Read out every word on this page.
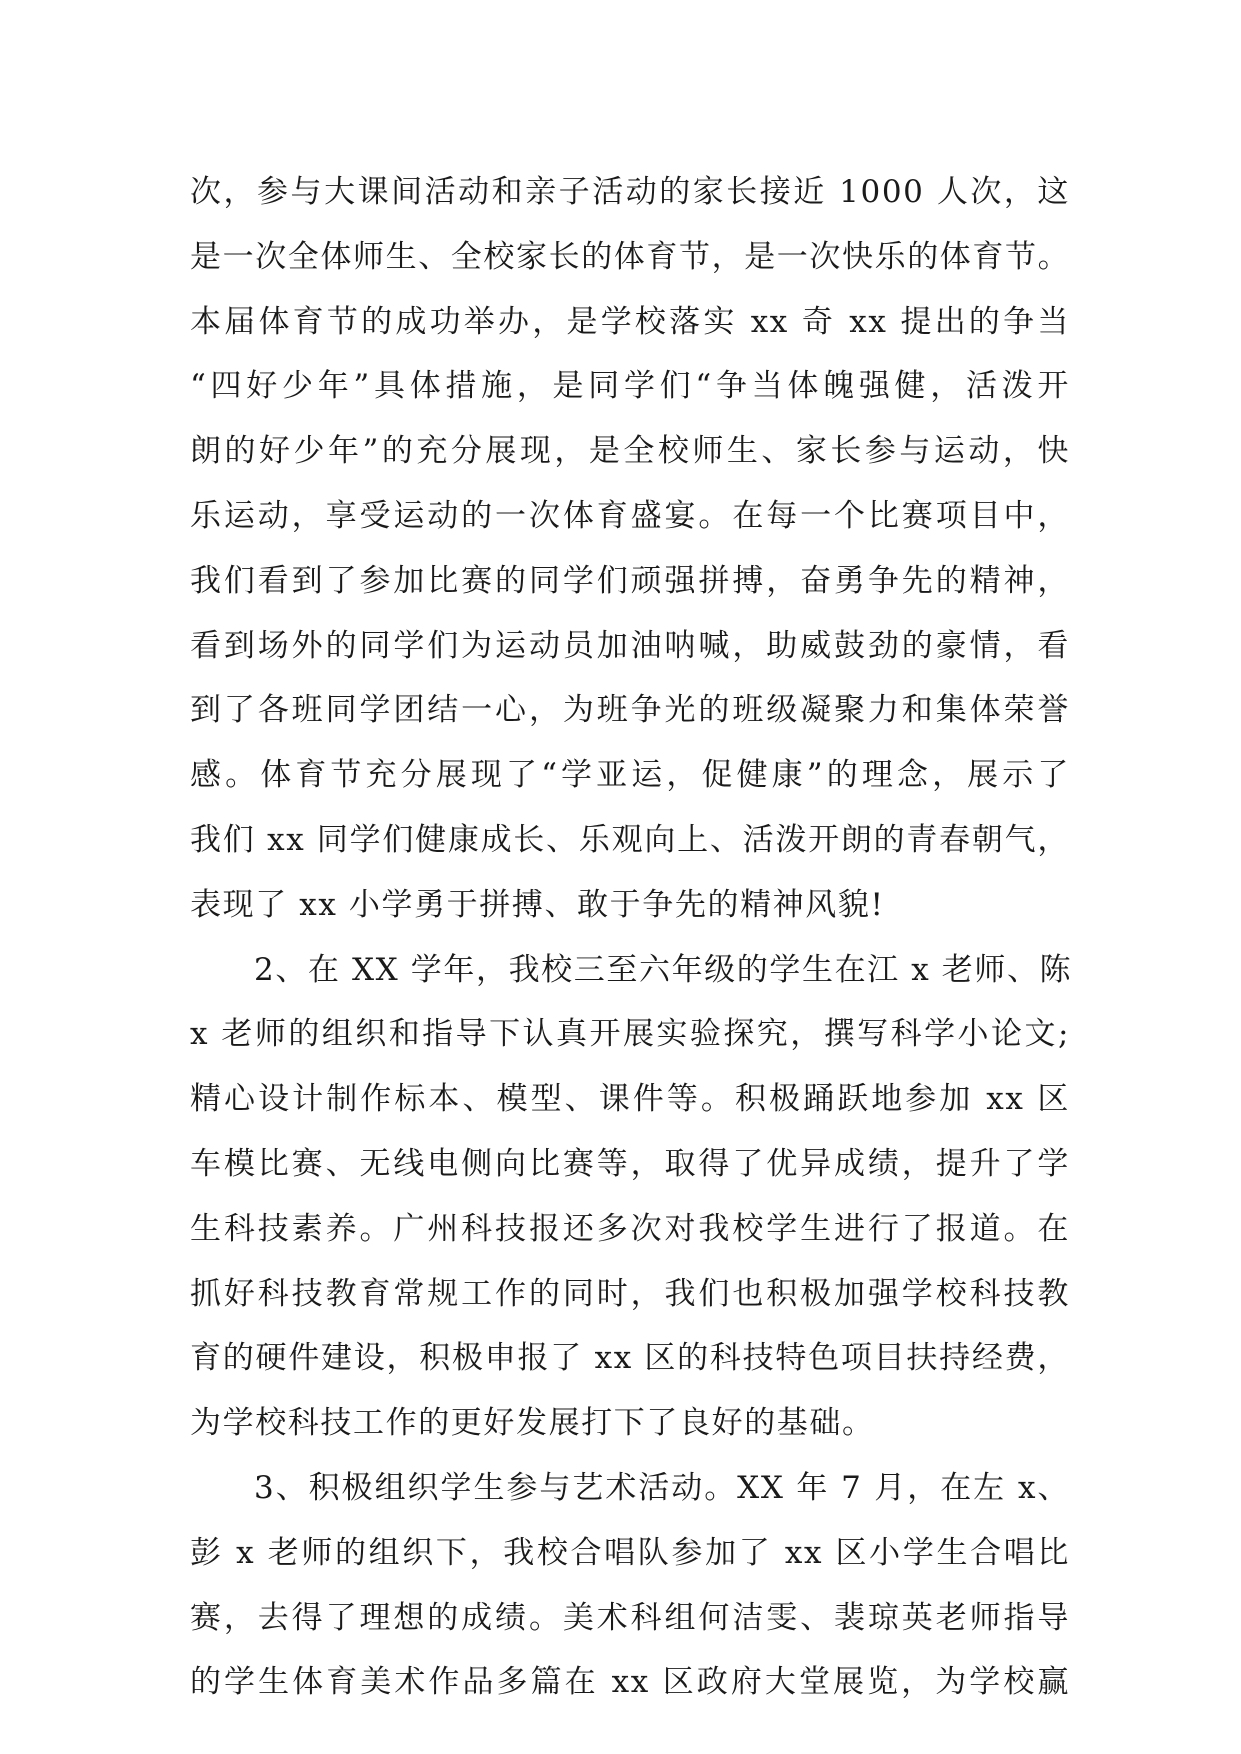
次，参与大课间活动和亲子活动的家长接近 1000 人次，这
是一次全体师生、全校家长的体育节，是一次快乐的体育节。
本届体育节的成功举办，是学校落实 xx 奇 xx 提出的争当
“四好少年”具体措施，是同学们“争当体魄强健，活泼开
朗的好少年”的充分展现，是全校师生、家长参与运动，快
乐运动，享受运动的一次体育盛宴。在每一个比赛项目中，
我们看到了参加比赛的同学们顽强拼搏，奋勇争先的精神，
看到场外的同学们为运动员加油呐喊，助威鼓劲的豪情，看
到了各班同学团结一心，为班争光的班级凝聚力和集体荣誉
感。体育节充分展现了“学亚运，促健康”的理念，展示了
我们 xx 同学们健康成长、乐观向上、活泼开朗的青春朝气，
表现了 xx 小学勇于拼搏、敢于争先的精神风貌!
2、在 XX 学年，我校三至六年级的学生在江 x 老师、陈
x 老师的组织和指导下认真开展实验探究，撰写科学小论文;
精心设计制作标本、模型、课件等。积极踊跃地参加 xx 区
车模比赛、无线电侧向比赛等，取得了优异成绩，提升了学
生科技素养。广州科技报还多次对我校学生进行了报道。在
抓好科技教育常规工作的同时，我们也积极加强学校科技教
育的硬件建设，积极申报了 xx 区的科技特色项目扶持经费，
为学校科技工作的更好发展打下了良好的基础。
3、积极组织学生参与艺术活动。XX 年 7 月，在左 x、
彭 x 老师的组织下，我校合唱队参加了 xx 区小学生合唱比
赛，去得了理想的成绩。美术科组何洁雯、裴琼英老师指导
的学生体育美术作品多篇在 xx 区政府大堂展览，为学校赢
